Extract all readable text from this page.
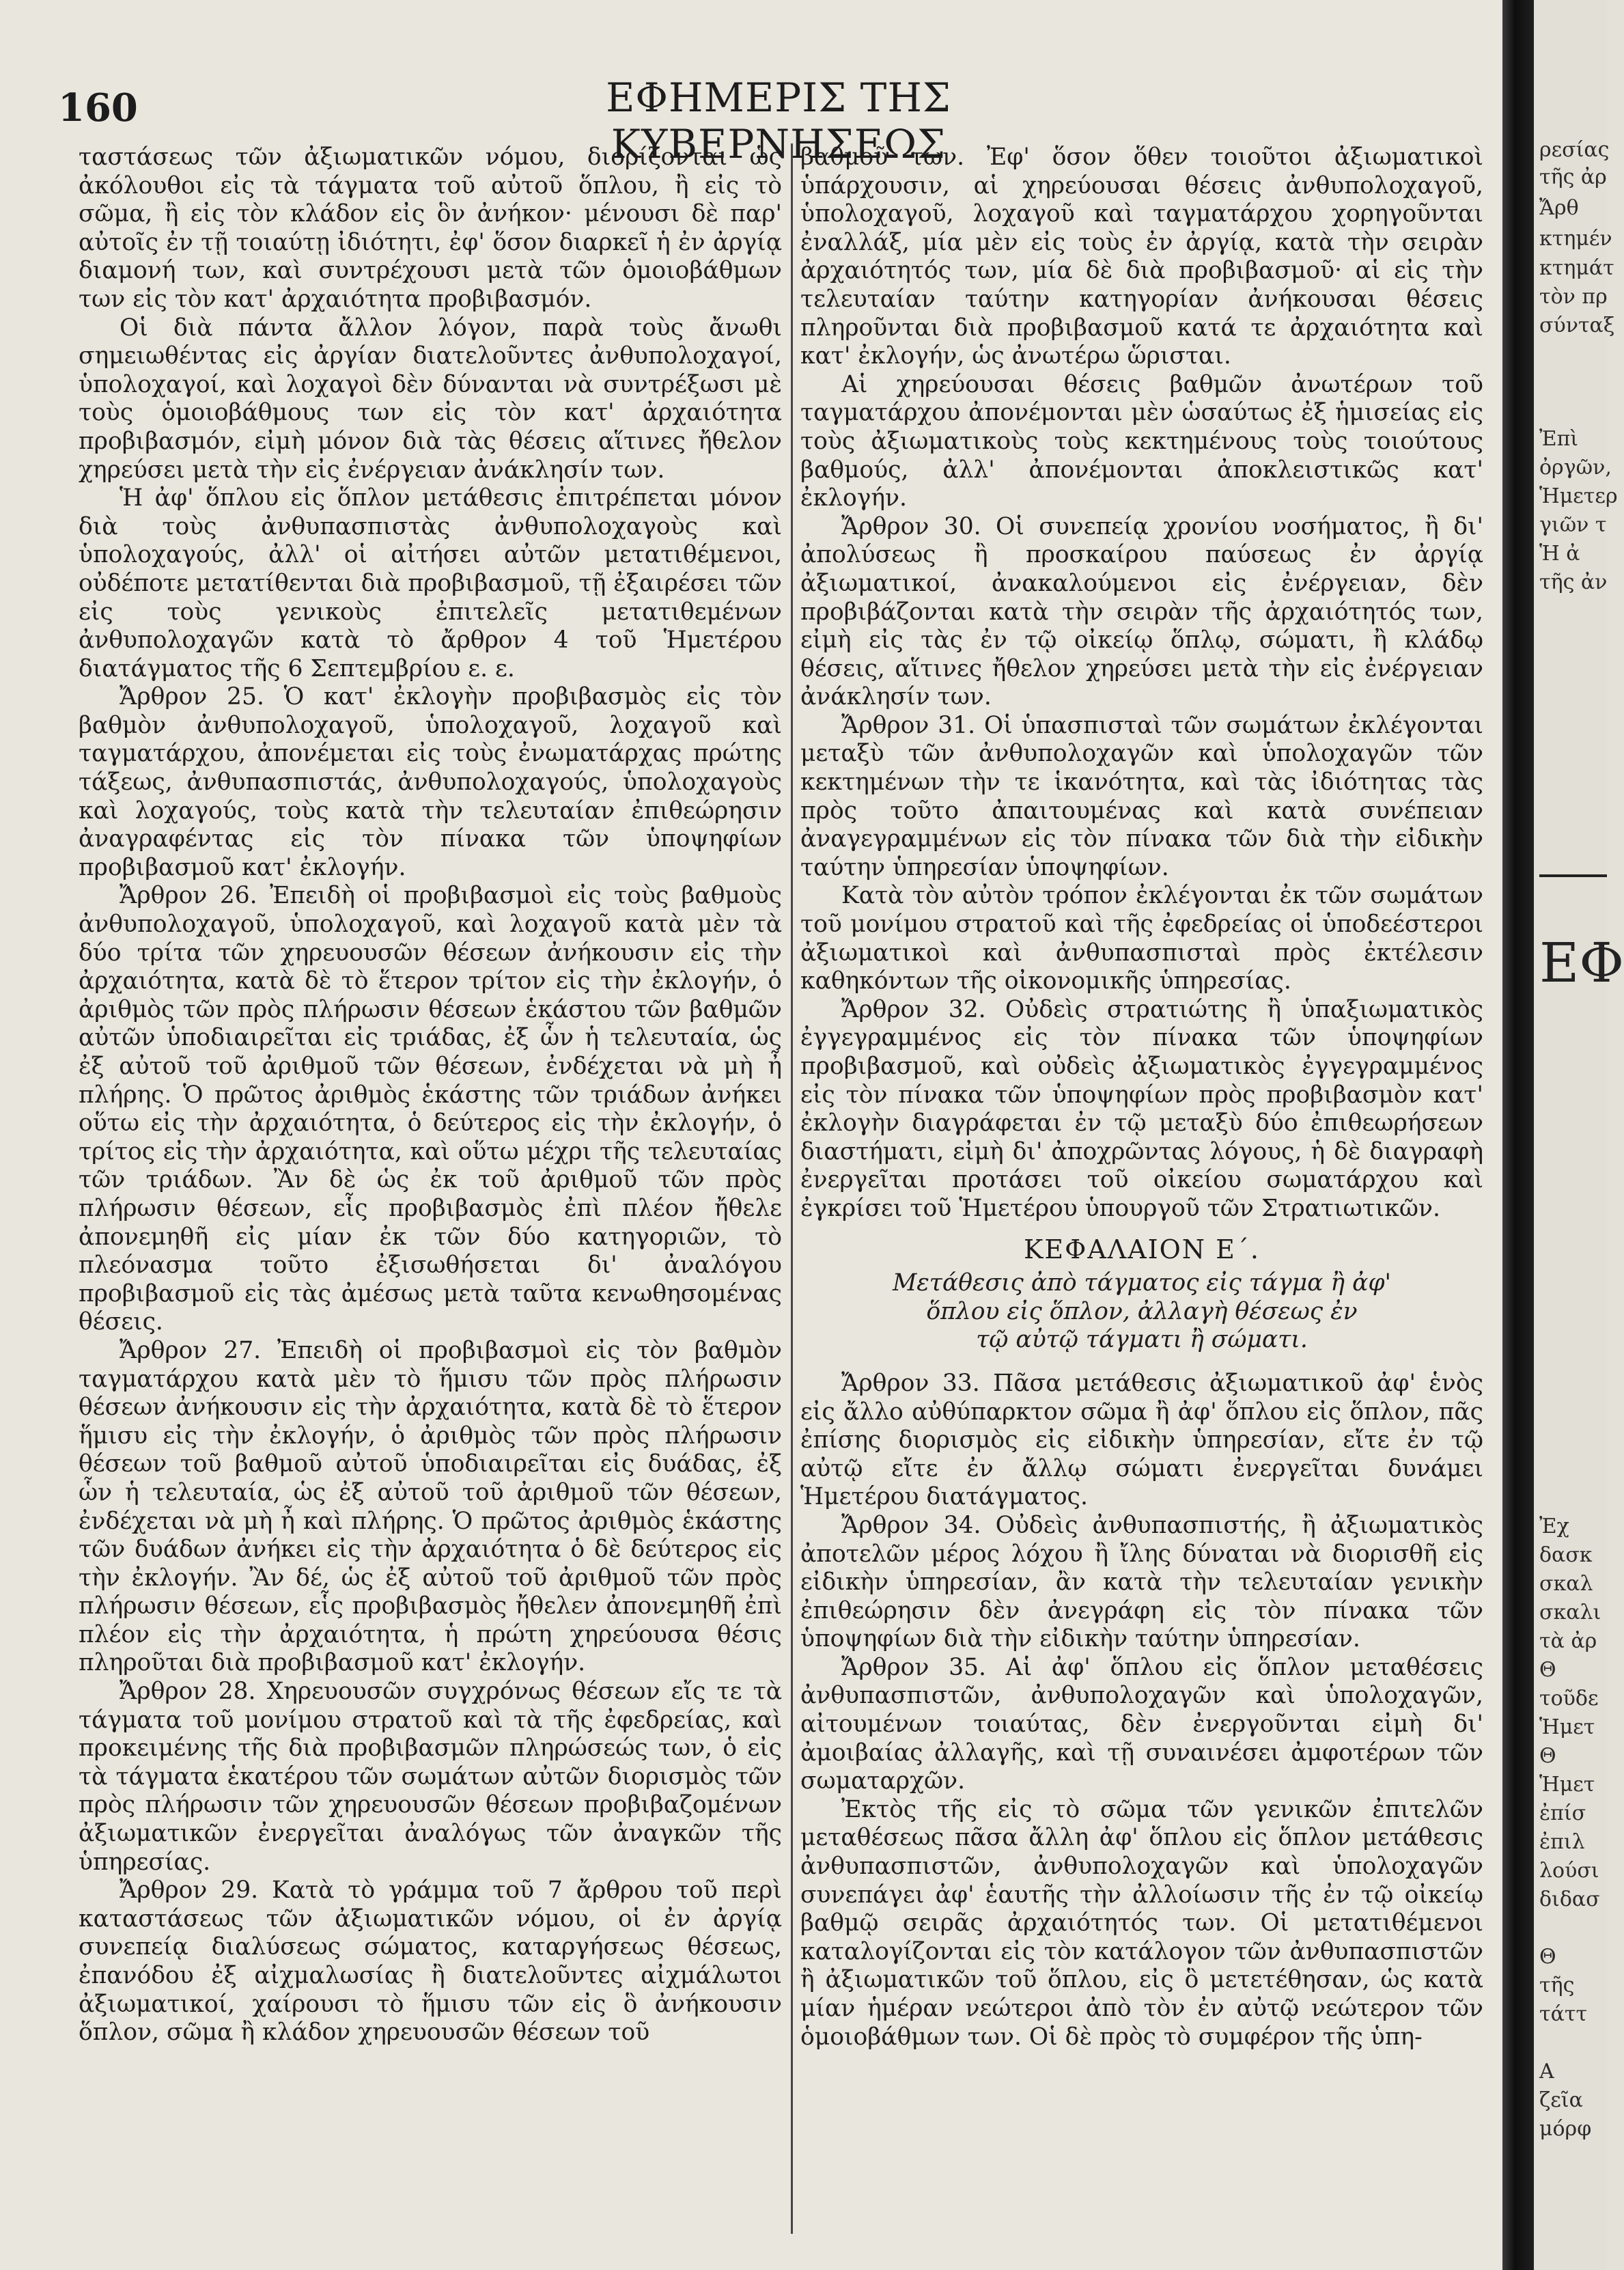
160	ΕΦΗΜΕΡΙΣ ΤΗΣ ΚΥΒΕΡΝΗΣΕΩΣ

ταστάσεως τῶν ἀξιωματικῶν νόμου, διορίζονται ὡς ἀκόλουθοι εἰς τὰ τάγματα τοῦ αὐτοῦ ὅπλου, ἢ εἰς τὸ σῶμα, ἢ εἰς τὸν κλάδον εἰς ὃν ἀνήκον· μένουσι δὲ παρ' αὐτοῖς ἐν τῇ τοιαύτῃ ἰδιότητι, ἐφ' ὅσον διαρκεῖ ἡ ἐν ἀργίᾳ διαμονή των, καὶ συντρέχουσι μετὰ τῶν ὁμοιοβάθμων των εἰς τὸν κατ' ἀρχαιότητα προβιβασμόν.

Οἱ διὰ πάντα ἄλλον λόγον, παρὰ τοὺς ἄνωθι σημειωθέντας εἰς ἀργίαν διατελοῦντες ἀνθυπολοχαγοί, ὑπολοχαγοί, καὶ λοχαγοὶ δὲν δύνανται νὰ συντρέξωσι μὲ τοὺς ὁμοιοβάθμους των εἰς τὸν κατ' ἀρχαιότητα προβιβασμόν, εἰμὴ μόνον διὰ τὰς θέσεις αἵτινες ἤθελον χηρεύσει μετὰ τὴν εἰς ἐνέργειαν ἀνάκλησίν των.

Ἡ ἀφ' ὅπλου εἰς ὅπλον μετάθεσις ἐπιτρέπεται μόνον διὰ τοὺς ἀνθυπασπιστὰς ἀνθυπολοχαγοὺς καὶ ὑπολοχαγούς, ἀλλ' οἱ αἰτήσει αὐτῶν μετατιθέμενοι, οὐδέποτε μετατίθενται διὰ προβιβασμοῦ, τῇ ἐξαιρέσει τῶν εἰς τοὺς γενικοὺς ἐπιτελεῖς μετατιθεμένων ἀνθυπολοχαγῶν κατὰ τὸ ἄρθρον 4 τοῦ Ἡμετέρου διατάγματος τῆς 6 Σεπτεμβρίου ε. ε.

Ἄρθρον 25. Ὁ κατ' ἐκλογὴν προβιβασμὸς εἰς τὸν βαθμὸν ἀνθυπολοχαγοῦ, ὑπολοχαγοῦ, λοχαγοῦ καὶ ταγματάρχου, ἀπονέμεται εἰς τοὺς ἐνωματάρχας πρώτης τάξεως, ἀνθυπασπιστάς, ἀνθυπολοχαγούς, ὑπολοχαγοὺς καὶ λοχαγούς, τοὺς κατὰ τὴν τελευταίαν ἐπιθεώρησιν ἀναγραφέντας εἰς τὸν πίνακα τῶν ὑποψηφίων προβιβασμοῦ κατ' ἐκλογήν.

Ἄρθρον 26. Ἐπειδὴ οἱ προβιβασμοὶ εἰς τοὺς βαθμοὺς ἀνθυπολοχαγοῦ, ὑπολοχαγοῦ, καὶ λοχαγοῦ κατὰ μὲν τὰ δύο τρίτα τῶν χηρευουσῶν θέσεων ἀνήκουσιν εἰς τὴν ἀρχαιότητα, κατὰ δὲ τὸ ἕτερον τρίτον εἰς τὴν ἐκλογήν, ὁ ἀριθμὸς τῶν πρὸς πλήρωσιν θέσεων ἑκάστου τῶν βαθμῶν αὐτῶν ὑποδιαιρεῖται εἰς τριάδας, ἐξ ὧν ἡ τελευταία, ὡς ἐξ αὐτοῦ τοῦ ἀριθμοῦ τῶν θέσεων, ἐνδέχεται νὰ μὴ ἦ πλήρης. Ὁ πρῶτος ἀριθμὸς ἑκάστης τῶν τριάδων ἀνήκει οὕτω εἰς τὴν ἀρχαιότητα, ὁ δεύτερος εἰς τὴν ἐκλογήν, ὁ τρίτος εἰς τὴν ἀρχαιότητα, καὶ οὕτω μέχρι τῆς τελευταίας τῶν τριάδων. Ἂν δὲ ὡς ἐκ τοῦ ἀριθμοῦ τῶν πρὸς πλήρωσιν θέσεων, εἷς προβιβασμὸς ἐπὶ πλέον ἤθελε ἀπονεμηθῆ εἰς μίαν ἐκ τῶν δύο κατηγοριῶν, τὸ πλεόνασμα τοῦτο ἐξισωθήσεται δι' ἀναλόγου προβιβασμοῦ εἰς τὰς ἀμέσως μετὰ ταῦτα κενωθησομένας θέσεις.

Ἄρθρον 27. Ἐπειδὴ οἱ προβιβασμοὶ εἰς τὸν βαθμὸν ταγματάρχου κατὰ μὲν τὸ ἥμισυ τῶν πρὸς πλήρωσιν θέσεων ἀνήκουσιν εἰς τὴν ἀρχαιότητα, κατὰ δὲ τὸ ἕτερον ἥμισυ εἰς τὴν ἐκλογήν, ὁ ἀριθμὸς τῶν πρὸς πλήρωσιν θέσεων τοῦ βαθμοῦ αὐτοῦ ὑποδιαιρεῖται εἰς δυάδας, ἐξ ὧν ἡ τελευταία, ὡς ἐξ αὐτοῦ τοῦ ἀριθμοῦ τῶν θέσεων, ἐνδέχεται νὰ μὴ ἦ καὶ πλήρης. Ὁ πρῶτος ἀριθμὸς ἑκάστης τῶν δυάδων ἀνήκει εἰς τὴν ἀρχαιότητα ὁ δὲ δεύτερος εἰς τὴν ἐκλογήν. Ἂν δέ, ὡς ἐξ αὐτοῦ τοῦ ἀριθμοῦ τῶν πρὸς πλήρωσιν θέσεων, εἷς προβιβασμὸς ἤθελεν ἀπονεμηθῆ ἐπὶ πλέον εἰς τὴν ἀρχαιότητα, ἡ πρώτη χηρεύουσα θέσις πληροῦται διὰ προβιβασμοῦ κατ' ἐκλογήν.

Ἄρθρον 28. Χηρευουσῶν συγχρόνως θέσεων εἴς τε τὰ τάγματα τοῦ μονίμου στρατοῦ καὶ τὰ τῆς ἐφεδρείας, καὶ προκειμένης τῆς διὰ προβιβασμῶν πληρώσεώς των, ὁ εἰς τὰ τάγματα ἑκατέρου τῶν σωμάτων αὐτῶν διορισμὸς τῶν πρὸς πλήρωσιν τῶν χηρευουσῶν θέσεων προβιβαζομένων ἀξιωματικῶν ἐνεργεῖται ἀναλόγως τῶν ἀναγκῶν τῆς ὑπηρεσίας.

Ἄρθρον 29. Κατὰ τὸ γράμμα τοῦ 7 ἄρθρου τοῦ περὶ καταστάσεως τῶν ἀξιωματικῶν νόμου, οἱ ἐν ἀργίᾳ συνεπείᾳ διαλύσεως σώματος, καταργήσεως θέσεως, ἐπανόδου ἐξ αἰχμαλωσίας ἢ διατελοῦντες αἰχμάλωτοι ἀξιωματικοί, χαίρουσι τὸ ἥμισυ τῶν εἰς ὃ ἀνήκουσιν ὅπλον, σῶμα ἢ κλάδον χηρευουσῶν θέσεων τοῦ

βαθμοῦ των. Ἐφ' ὅσον ὅθεν τοιοῦτοι ἀξιωματικοὶ ὑπάρχουσιν, αἱ χηρεύουσαι θέσεις ἀνθυπολοχαγοῦ, ὑπολοχαγοῦ, λοχαγοῦ καὶ ταγματάρχου χορηγοῦνται ἐναλλάξ, μία μὲν εἰς τοὺς ἐν ἀργίᾳ, κατὰ τὴν σειρὰν ἀρχαιότητός των, μία δὲ διὰ προβιβασμοῦ· αἱ εἰς τὴν τελευταίαν ταύτην κατηγορίαν ἀνήκουσαι θέσεις πληροῦνται διὰ προβιβασμοῦ κατά τε ἀρχαιότητα καὶ κατ' ἐκλογήν, ὡς ἀνωτέρω ὥρισται.

Αἱ χηρεύουσαι θέσεις βαθμῶν ἀνωτέρων τοῦ ταγματάρχου ἀπονέμονται μὲν ὡσαύτως ἐξ ἡμισείας εἰς τοὺς ἀξιωματικοὺς τοὺς κεκτημένους τοὺς τοιούτους βαθμούς, ἀλλ' ἀπονέμονται ἀποκλειστικῶς κατ' ἐκλογήν.

Ἄρθρον 30. Οἱ συνεπείᾳ χρονίου νοσήματος, ἢ δι' ἀπολύσεως ἢ προσκαίρου παύσεως ἐν ἀργίᾳ ἀξιωματικοί, ἀνακαλούμενοι εἰς ἐνέργειαν, δὲν προβιβάζονται κατὰ τὴν σειρὰν τῆς ἀρχαιότητός των, εἰμὴ εἰς τὰς ἐν τῷ οἰκείῳ ὅπλῳ, σώματι, ἢ κλάδῳ θέσεις, αἵτινες ἤθελον χηρεύσει μετὰ τὴν εἰς ἐνέργειαν ἀνάκλησίν των.

Ἄρθρον 31. Οἱ ὑπασπισταὶ τῶν σωμάτων ἐκλέγονται μεταξὺ τῶν ἀνθυπολοχαγῶν καὶ ὑπολοχαγῶν τῶν κεκτημένων τὴν τε ἱκανότητα, καὶ τὰς ἰδιότητας τὰς πρὸς τοῦτο ἀπαιτουμένας καὶ κατὰ συνέπειαν ἀναγεγραμμένων εἰς τὸν πίνακα τῶν διὰ τὴν εἰδικὴν ταύτην ὑπηρεσίαν ὑποψηφίων.

Κατὰ τὸν αὐτὸν τρόπον ἐκλέγονται ἐκ τῶν σωμάτων τοῦ μονίμου στρατοῦ καὶ τῆς ἐφεδρείας οἱ ὑποδεέστεροι ἀξιωματικοὶ καὶ ἀνθυπασπισταὶ πρὸς ἐκτέλεσιν καθηκόντων τῆς οἰκονομικῆς ὑπηρεσίας.

Ἄρθρον 32. Οὐδεὶς στρατιώτης ἢ ὑπαξιωματικὸς ἐγγεγραμμένος εἰς τὸν πίνακα τῶν ὑποψηφίων προβιβασμοῦ, καὶ οὐδεὶς ἀξιωματικὸς ἐγγεγραμμένος εἰς τὸν πίνακα τῶν ὑποψηφίων πρὸς προβιβασμὸν κατ' ἐκλογὴν διαγράφεται ἐν τῷ μεταξὺ δύο ἐπιθεωρήσεων διαστήματι, εἰμὴ δι' ἀποχρῶντας λόγους, ἡ δὲ διαγραφὴ ἐνεργεῖται προτάσει τοῦ οἰκείου σωματάρχου καὶ ἐγκρίσει τοῦ Ἡμετέρου ὑπουργοῦ τῶν Στρατιωτικῶν.

ΚΕΦΑΛΑΙΟΝ Ε΄.
Μετάθεσις ἀπὸ τάγματος εἰς τάγμα ἢ ἀφ'
ὅπλου εἰς ὅπλον, ἀλλαγὴ θέσεως ἐν
τῷ αὐτῷ τάγματι ἢ σώματι.

Ἄρθρον 33. Πᾶσα μετάθεσις ἀξιωματικοῦ ἀφ' ἑνὸς εἰς ἄλλο αὐθύπαρκτον σῶμα ἢ ἀφ' ὅπλου εἰς ὅπλον, πᾶς ἐπίσης διορισμὸς εἰς εἰδικὴν ὑπηρεσίαν, εἴτε ἐν τῷ αὐτῷ εἴτε ἐν ἄλλῳ σώματι ἐνεργεῖται δυνάμει Ἡμετέρου διατάγματος.

Ἄρθρον 34. Οὐδεὶς ἀνθυπασπιστής, ἢ ἀξιωματικὸς ἀποτελῶν μέρος λόχου ἢ ἴλης δύναται νὰ διορισθῆ εἰς εἰδικὴν ὑπηρεσίαν, ἂν κατὰ τὴν τελευταίαν γενικὴν ἐπιθεώρησιν δὲν ἀνεγράφη εἰς τὸν πίνακα τῶν ὑποψηφίων διὰ τὴν εἰδικὴν ταύτην ὑπηρεσίαν.

Ἄρθρον 35. Αἱ ἀφ' ὅπλου εἰς ὅπλον μεταθέσεις ἀνθυπασπιστῶν, ἀνθυπολοχαγῶν καὶ ὑπολοχαγῶν, αἰτουμένων τοιαύτας, δὲν ἐνεργοῦνται εἰμὴ δι' ἀμοιβαίας ἀλλαγῆς, καὶ τῇ συναινέσει ἀμφοτέρων τῶν σωματαρχῶν.

Ἐκτὸς τῆς εἰς τὸ σῶμα τῶν γενικῶν ἐπιτελῶν μεταθέσεως πᾶσα ἄλλη ἀφ' ὅπλου εἰς ὅπλον μετάθεσις ἀνθυπασπιστῶν, ἀνθυπολοχαγῶν καὶ ὑπολοχαγῶν συνεπάγει ἀφ' ἑαυτῆς τὴν ἀλλοίωσιν τῆς ἐν τῷ οἰκείῳ βαθμῷ σειρᾶς ἀρχαιότητός των. Οἱ μετατιθέμενοι καταλογίζονται εἰς τὸν κατάλογον τῶν ἀνθυπασπιστῶν ἢ ἀξιωματικῶν τοῦ ὅπλου, εἰς ὃ μετετέθησαν, ὡς κατὰ μίαν ἡμέραν νεώτεροι ἀπὸ τὸν ἐν αὐτῷ νεώτερον τῶν ὁμοιοβάθμων των. Οἱ δὲ πρὸς τὸ συμφέρον τῆς ὑπη-

ρεσίας
τῆς ἀρ
Ἄρθ
κτημέν
κτημάτ
τὸν πρ
σύνταξ
Ἐπὶ
ὀργῶν,
Ἡμετερ
γιῶν τ
Ἡ ἀ
τῆς ἀν
ΕΦ
Ἐχ
δασκ
σκαλ
σκαλι
τὰ ἀρ
Θ
τοῦδε
Ἡμετ
Θ
Ἡμετ
ἐπίσ
ἐπιλ
λούσι
διδασ
Θ
τῆς
τάττ
Α
ζεῖα
μόρφ
